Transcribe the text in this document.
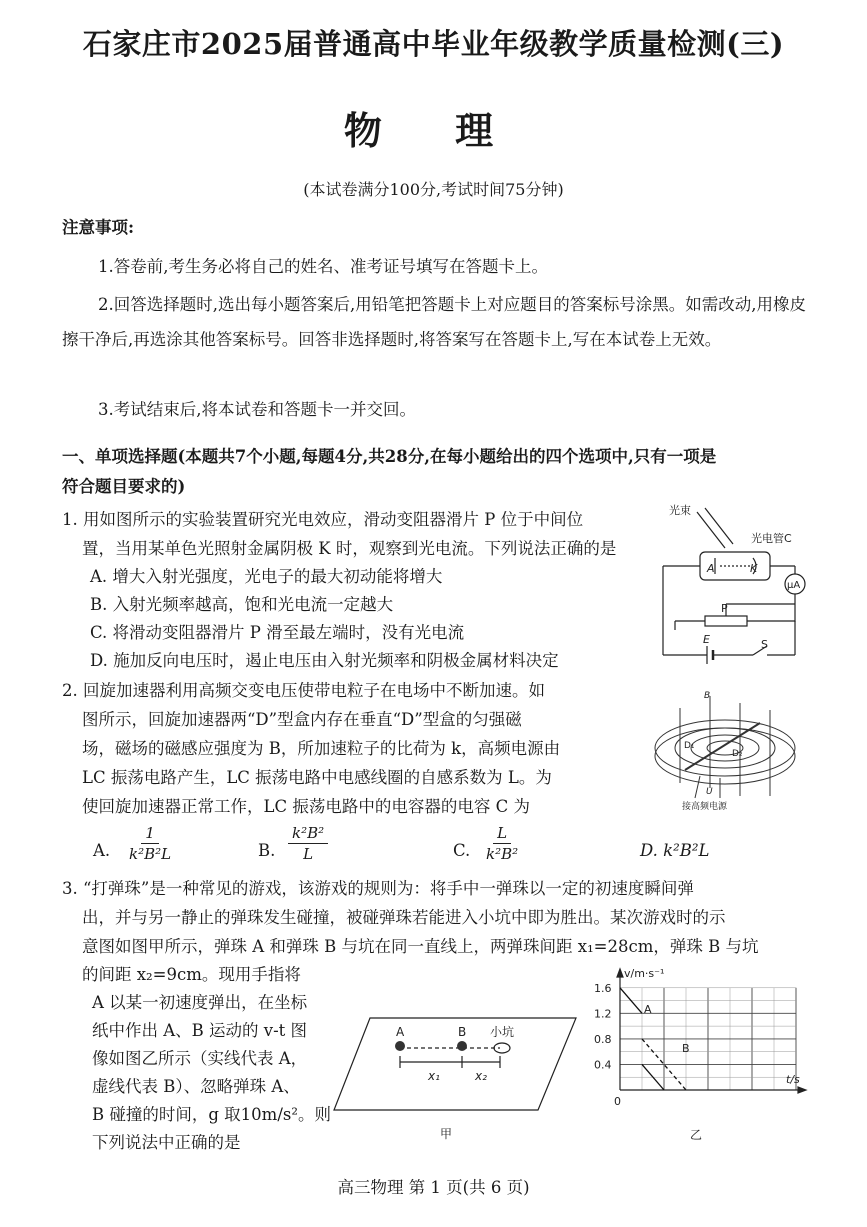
石家庄市2025届普通高中毕业年级教学质量检测(三)
物 理
(本试卷满分100分,考试时间75分钟)
注意事项:
1.答卷前,考生务必将自己的姓名、准考证号填写在答题卡上。
2.回答选择题时,选出每小题答案后,用铅笔把答题卡上对应题目的答案标号涂黑。如需改动,用橡皮擦干净后,再选涂其他答案标号。回答非选择题时,将答案写在答题卡上,写在本试卷上无效。
3.考试结束后,将本试卷和答题卡一并交回。
一、单项选择题(本题共7个小题,每题4分,共28分,在每小题给出的四个选项中,只有一项是
符合题目要求的)
1. 用如图所示的实验装置研究光电效应，滑动变阻器滑片 P 位于中间位
置，当用某单色光照射金属阴极 K 时，观察到光电流。下列说法正确的是
A. 增大入射光强度，光电子的最大初动能将增大
B. 入射光频率越高，饱和光电流一定越大
C. 将滑动变阻器滑片 P 滑至最左端时，没有光电流
D. 施加反向电压时，遏止电压由入射光频率和阴极金属材料决定
光束
光电管C
A	K
μA
P
E	S
2. 回旋加速器利用高频交变电压使带电粒子在电场中不断加速。如
图所示，回旋加速器两“D”型盒内存在垂直“D”型盒的匀强磁
场，磁场的磁感应强度为 B，所加速粒子的比荷为 k，高频电源由
LC 振荡电路产生，LC 振荡电路中电感线圈的自感系数为 L。为
使回旋加速器正常工作，LC 振荡电路中的电容器的电容 C 为
B
D₁
D₂
U
接高频电源
A. $\frac{1}{\text{k²B²L}}$	B. $\frac{\text{k²B²}}{L}$	C. $\frac{L}{\text{k²B²}}$	D. k²B²L
3. “打弹珠”是一种常见的游戏，该游戏的规则为：将手中一弹珠以一定的初速度瞬间弹
出，并与另一静止的弹珠发生碰撞，被碰弹珠若能进入小坑中即为胜出。某次游戏时的示
意图如图甲所示，弹珠 A 和弹珠 B 与坑在同一直线上，两弹珠间距 x₁=28cm，弹珠 B 与坑
的间距 x₂=9cm。现用手指将
A 以某一初速度弹出，在坐标
纸中作出 A、B 运动的 v-t 图
像如图乙所示（实线代表 A，
虚线代表 B）、忽略弹珠 A、
B 碰撞的时间，g 取10m/s²。则
下列说法中正确的是
A	B 小坑
x₁	x₂
甲
v/m·s⁻¹
t/s
0
A
B
乙
1.6
1.2
0.8
0.4
高三物理 第 1 页(共 6 页)
